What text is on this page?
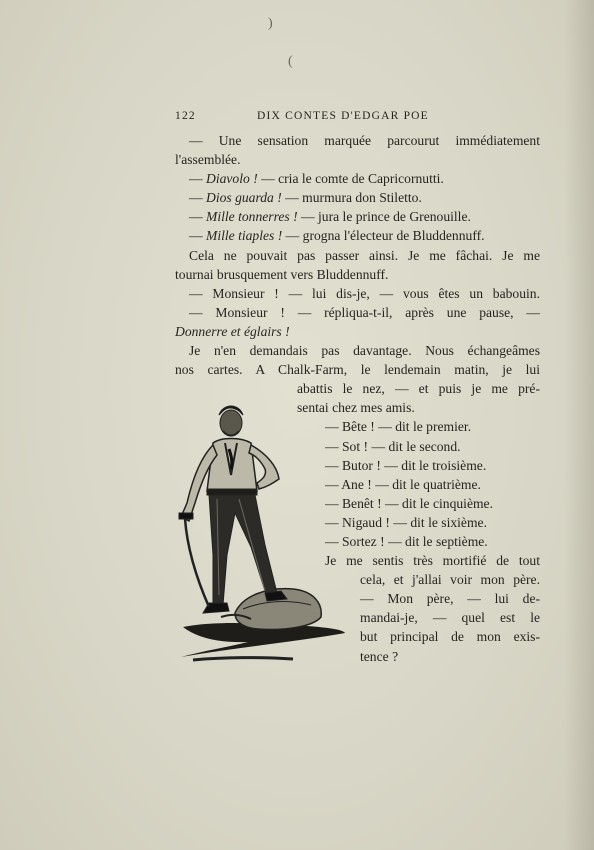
)
(
122	DIX CONTES D'EDGAR POE
— Une sensation marquée parcourut immédiatement
l'assemblée.
— Diavolo ! — cria le comte de Capricornutti.
— Dios guarda ! — murmura don Stiletto.
— Mille tonnerres ! — jura le prince de Grenouille.
— Mille tiaples ! — grogna l'électeur de Bluddennuff.
Cela ne pouvait pas passer ainsi. Je me fâchai. Je me
tournai brusquement vers Bluddennuff.
— Monsieur ! — lui dis-je, — vous êtes un babouin.
— Monsieur ! — répliqua-t-il, après une pause, —
Donnerre et églairs !
Je n'en demandais pas davantage. Nous échangeâmes
nos cartes. A Chalk-Farm, le lendemain matin, je lui
abattis le nez, — et puis je me pré-
sentai chez mes amis.
— Bête ! — dit le premier.
— Sot ! — dit le second.
— Butor ! — dit le troisième.
— Ane ! — dit le quatrième.
— Benêt ! — dit le cinquième.
— Nigaud ! — dit le sixième.
— Sortez ! — dit le septième.
Je me sentis très mortifié de tout
cela, et j'allai voir mon père.
— Mon père, — lui de-
mandai-je, — quel est le
but principal de mon exis-
tence ?
